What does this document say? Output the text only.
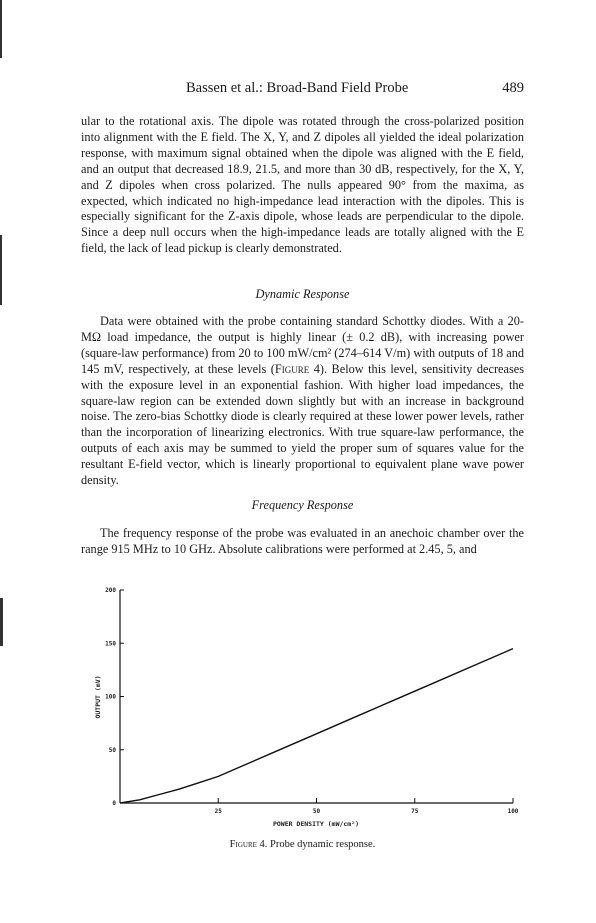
Bassen et al.: Broad-Band Field Probe	489

ular to the rotational axis. The dipole was rotated through the cross-polarized position into alignment with the E field. The X, Y, and Z dipoles all yielded the ideal polarization response, with maximum signal obtained when the dipole was aligned with the E field, and an output that decreased 18.9, 21.5, and more than 30 dB, respectively, for the X, Y, and Z dipoles when cross polarized. The nulls appeared 90° from the maxima, as expected, which indicated no high-impedance lead interaction with the dipoles. This is especially significant for the Z-axis dipole, whose leads are perpendicular to the dipole. Since a deep null occurs when the high-impedance leads are totally aligned with the E field, the lack of lead pickup is clearly demonstrated.

Dynamic Response

Data were obtained with the probe containing standard Schottky diodes. With a 20-MΩ load impedance, the output is highly linear (± 0.2 dB), with increasing power (square-law performance) from 20 to 100 mW/cm² (274–614 V/m) with outputs of 18 and 145 mV, respectively, at these levels (Figure 4). Below this level, sensitivity decreases with the exposure level in an exponential fashion. With higher load impedances, the square-law region can be extended down slightly but with an increase in background noise. The zero-bias Schottky diode is clearly required at these lower power levels, rather than the incorporation of linearizing electronics. With true square-law performance, the outputs of each axis may be summed to yield the proper sum of squares value for the resultant E-field vector, which is linearly proportional to equivalent plane wave power density.

Frequency Response

The frequency response of the probe was evaluated in an anechoic chamber over the range 915 MHz to 10 GHz. Absolute calibrations were performed at 2.45, 5, and

0
50
100
150
200
25	50	75	100
OUTPUT (mV)
POWER DENSITY (mW/cm²)
Figure 4. Probe dynamic response.
